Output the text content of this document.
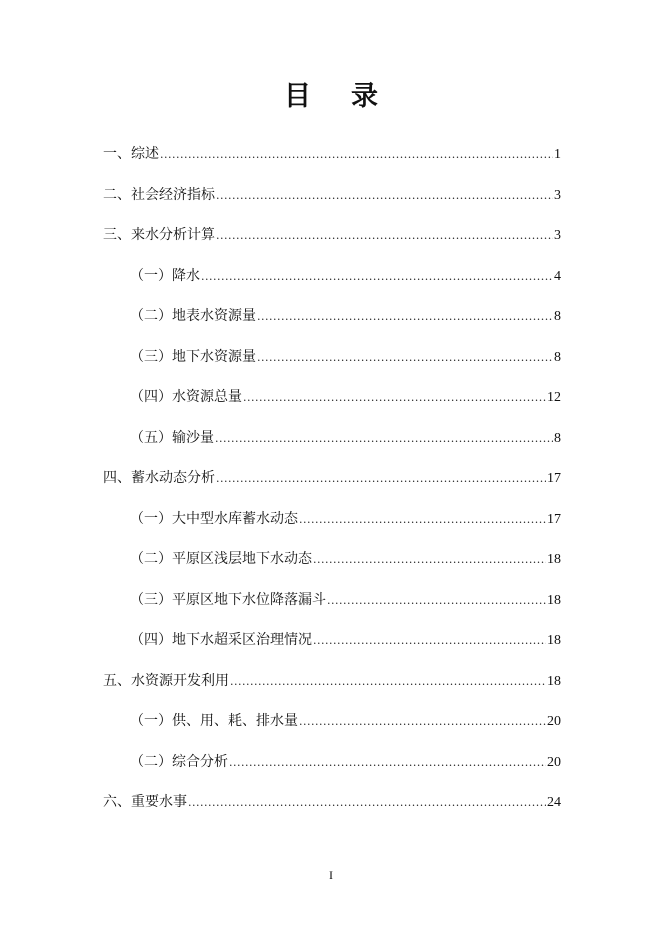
目录
一、综述 .....	1
二、社会经济指标 .....	3
三、来水分析计算 .....	3
（一）降水 .....	4
（二）地表水资源量 .....	8
（三）地下水资源量 .....	8
（四）水资源总量 .....	12
（五）输沙量 .....	8
四、蓄水动态分析 .....	17
（一）大中型水库蓄水动态 .....	17
（二）平原区浅层地下水动态 .....	18
（三）平原区地下水位降落漏斗 .....	18
（四）地下水超采区治理情况 .....	18
五、水资源开发利用 .....	18
（一）供、用、耗、排水量 .....	20
（二）综合分析 .....	20
六、重要水事 .....	24
I
